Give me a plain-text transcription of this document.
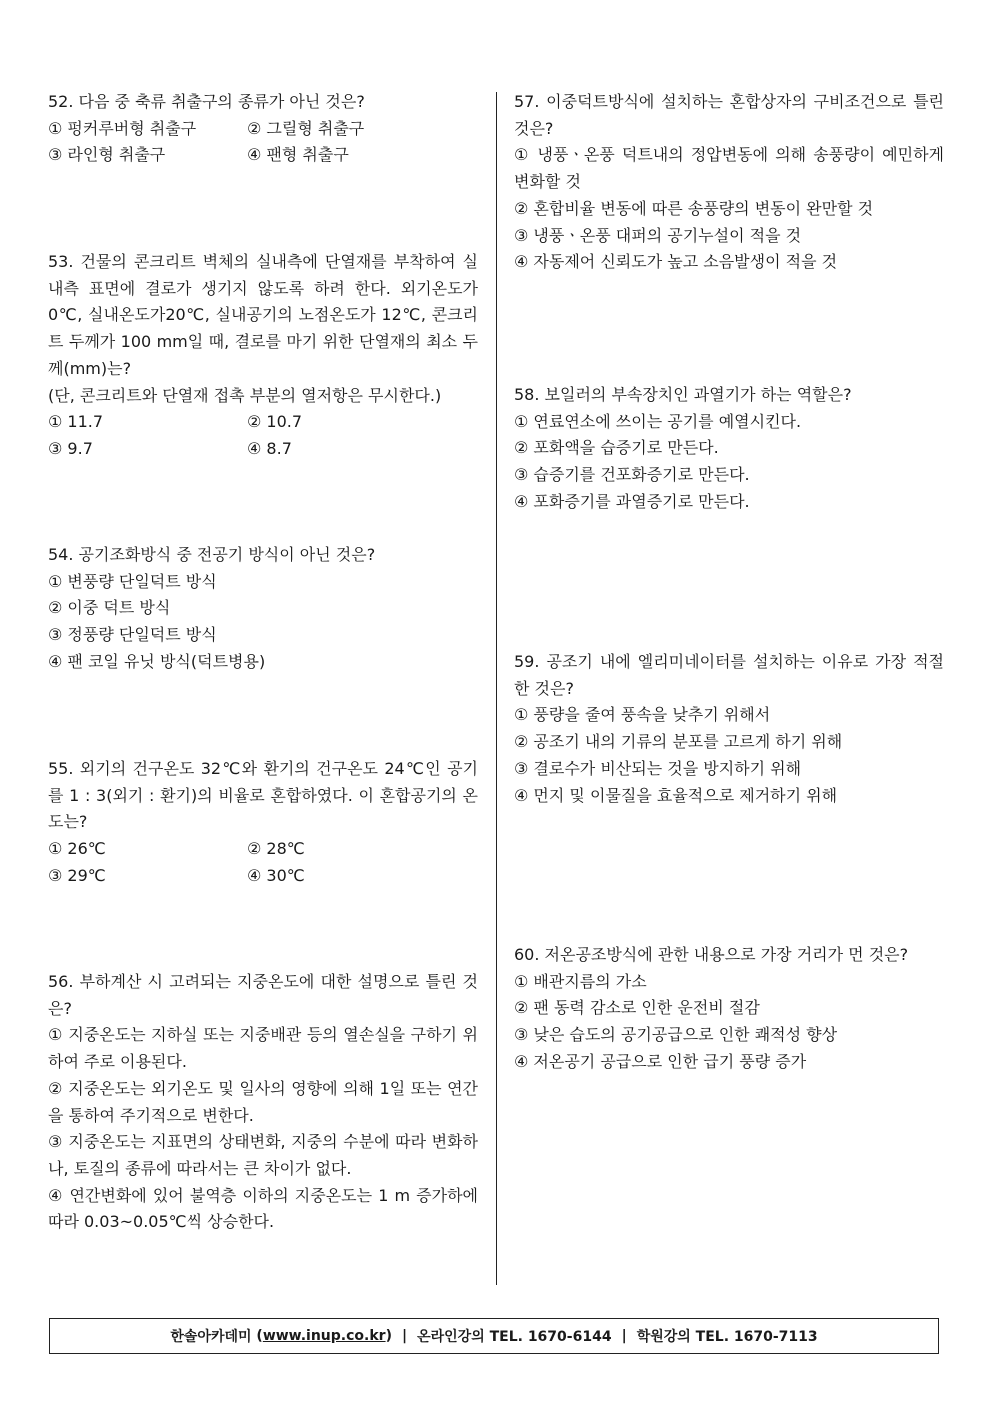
52. 다음 중 축류 취출구의 종류가 아닌 것은?
① 펑커루버형 취출구	② 그릴형 취출구
③ 라인형 취출구	④ 팬형 취출구
53. 건물의 콘크리트 벽체의 실내측에 단열재를 부착하여 실내측 표면에 결로가 생기지 않도록 하려 한다. 외기온도가 0℃, 실내온도가20℃, 실내공기의 노점온도가 12℃, 콘크리트 두께가 100 mm일 때, 결로를 마기 위한 단열재의 최소 두께(mm)는?
(단, 콘크리트와 단열재 접촉 부분의 열저항은 무시한다.)
① 11.7	② 10.7
③ 9.7	④ 8.7
54. 공기조화방식 중 전공기 방식이 아닌 것은?
① 변풍량 단일덕트 방식
② 이중 덕트 방식
③ 정풍량 단일덕트 방식
④ 팬 코일 유닛 방식(덕트병용)
55. 외기의 건구온도 32℃와 환기의 건구온도 24℃인 공기를 1 : 3(외기 : 환기)의 비율로 혼합하였다. 이 혼합공기의 온도는?
① 26℃	② 28℃
③ 29℃	④ 30℃
56. 부하계산 시 고려되는 지중온도에 대한 설명으로 틀린 것은?
① 지중온도는 지하실 또는 지중배관 등의 열손실을 구하기 위하여 주로 이용된다.
② 지중온도는 외기온도 및 일사의 영향에 의해 1일 또는 연간을 통하여 주기적으로 변한다.
③ 지중온도는 지표면의 상태변화, 지중의 수분에 따라 변화하나, 토질의 종류에 따라서는 큰 차이가 없다.
④ 연간변화에 있어 불역층 이하의 지중온도는 1 m 증가하에 따라 0.03~0.05℃씩 상승한다.
57. 이중덕트방식에 설치하는 혼합상자의 구비조건으로 틀린 것은?
① 냉풍ㆍ온풍 덕트내의 정압변동에 의해 송풍량이 예민하게 변화할 것
② 혼합비율 변동에 따른 송풍량의 변동이 완만할 것
③ 냉풍ㆍ온풍 대퍼의 공기누설이 적을 것
④ 자동제어 신뢰도가 높고 소음발생이 적을 것
58. 보일러의 부속장치인 과열기가 하는 역할은?
① 연료연소에 쓰이는 공기를 예열시킨다.
② 포화액을 습증기로 만든다.
③ 습증기를 건포화증기로 만든다.
④ 포화증기를 과열증기로 만든다.
59. 공조기 내에 엘리미네이터를 설치하는 이유로 가장 적절한 것은?
① 풍량을 줄여 풍속을 낮추기 위해서
② 공조기 내의 기류의 분포를 고르게 하기 위해
③ 결로수가 비산되는 것을 방지하기 위해
④ 먼지 및 이물질을 효율적으로 제거하기 위해
60. 저온공조방식에 관한 내용으로 가장 거리가 먼 것은?
① 배관지름의 가소
② 팬 동력 감소로 인한 운전비 절감
③ 낮은 습도의 공기공급으로 인한 쾌적성 향상
④ 저온공기 공급으로 인한 급기 풍량 증가
한솔아카데미
( www.inup.co.kr ) | 온라인강의 TEL. 1670-6144 | 학원강의 TEL. 1670-7113
